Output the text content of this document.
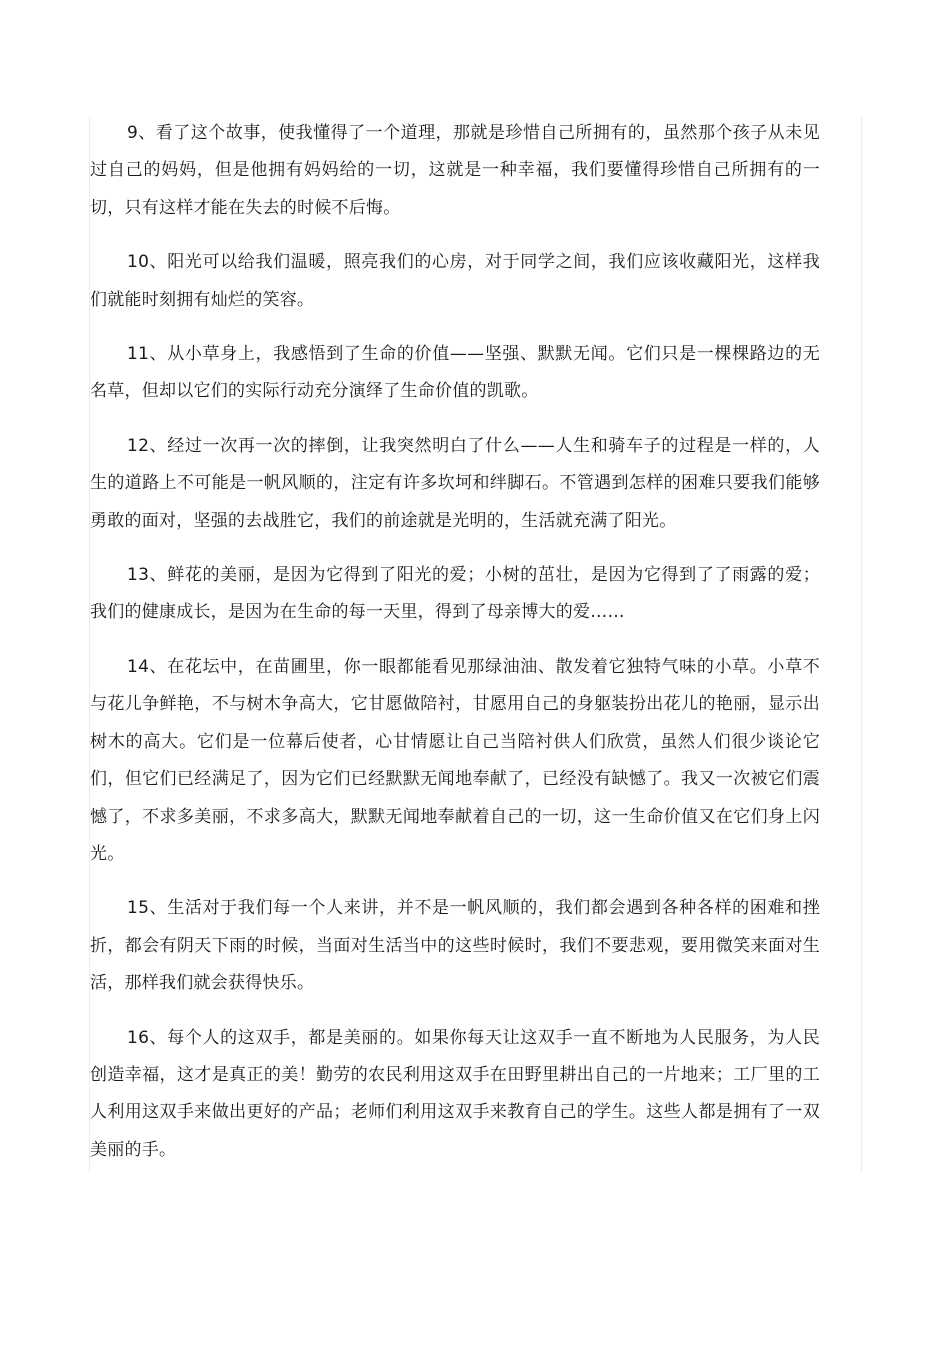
9、看了这个故事，使我懂得了一个道理，那就是珍惜自己所拥有的，虽然那个孩子从未见过自己的妈妈，但是他拥有妈妈给的一切，这就是一种幸福，我们要懂得珍惜自己所拥有的一切，只有这样才能在失去的时候不后悔。

10、阳光可以给我们温暖，照亮我们的心房，对于同学之间，我们应该收藏阳光，这样我们就能时刻拥有灿烂的笑容。

11、从小草身上，我感悟到了生命的价值——坚强、默默无闻。它们只是一棵棵路边的无名草，但却以它们的实际行动充分演绎了生命价值的凯歌。

12、经过一次再一次的摔倒，让我突然明白了什么——人生和骑车子的过程是一样的，人生的道路上不可能是一帆风顺的，注定有许多坎坷和绊脚石。不管遇到怎样的困难只要我们能够勇敢的面对，坚强的去战胜它，我们的前途就是光明的，生活就充满了阳光。

13、鲜花的美丽，是因为它得到了阳光的爱；小树的茁壮，是因为它得到了了雨露的爱；我们的健康成长，是因为在生命的每一天里，得到了母亲博大的爱……

14、在花坛中，在苗圃里，你一眼都能看见那绿油油、散发着它独特气味的小草。小草不与花儿争鲜艳，不与树木争高大，它甘愿做陪衬，甘愿用自己的身躯装扮出花儿的艳丽，显示出树木的高大。它们是一位幕后使者，心甘情愿让自己当陪衬供人们欣赏，虽然人们很少谈论它们，但它们已经满足了，因为它们已经默默无闻地奉献了，已经没有缺憾了。我又一次被它们震憾了，不求多美丽，不求多高大，默默无闻地奉献着自己的一切，这一生命价值又在它们身上闪光。

15、生活对于我们每一个人来讲，并不是一帆风顺的，我们都会遇到各种各样的困难和挫折，都会有阴天下雨的时候，当面对生活当中的这些时候时，我们不要悲观，要用微笑来面对生活，那样我们就会获得快乐。

16、每个人的这双手，都是美丽的。如果你每天让这双手一直不断地为人民服务，为人民创造幸福，这才是真正的美！勤劳的农民利用这双手在田野里耕出自己的一片地来；工厂里的工人利用这双手来做出更好的产品；老师们利用这双手来教育自己的学生。这些人都是拥有了一双美丽的手。
